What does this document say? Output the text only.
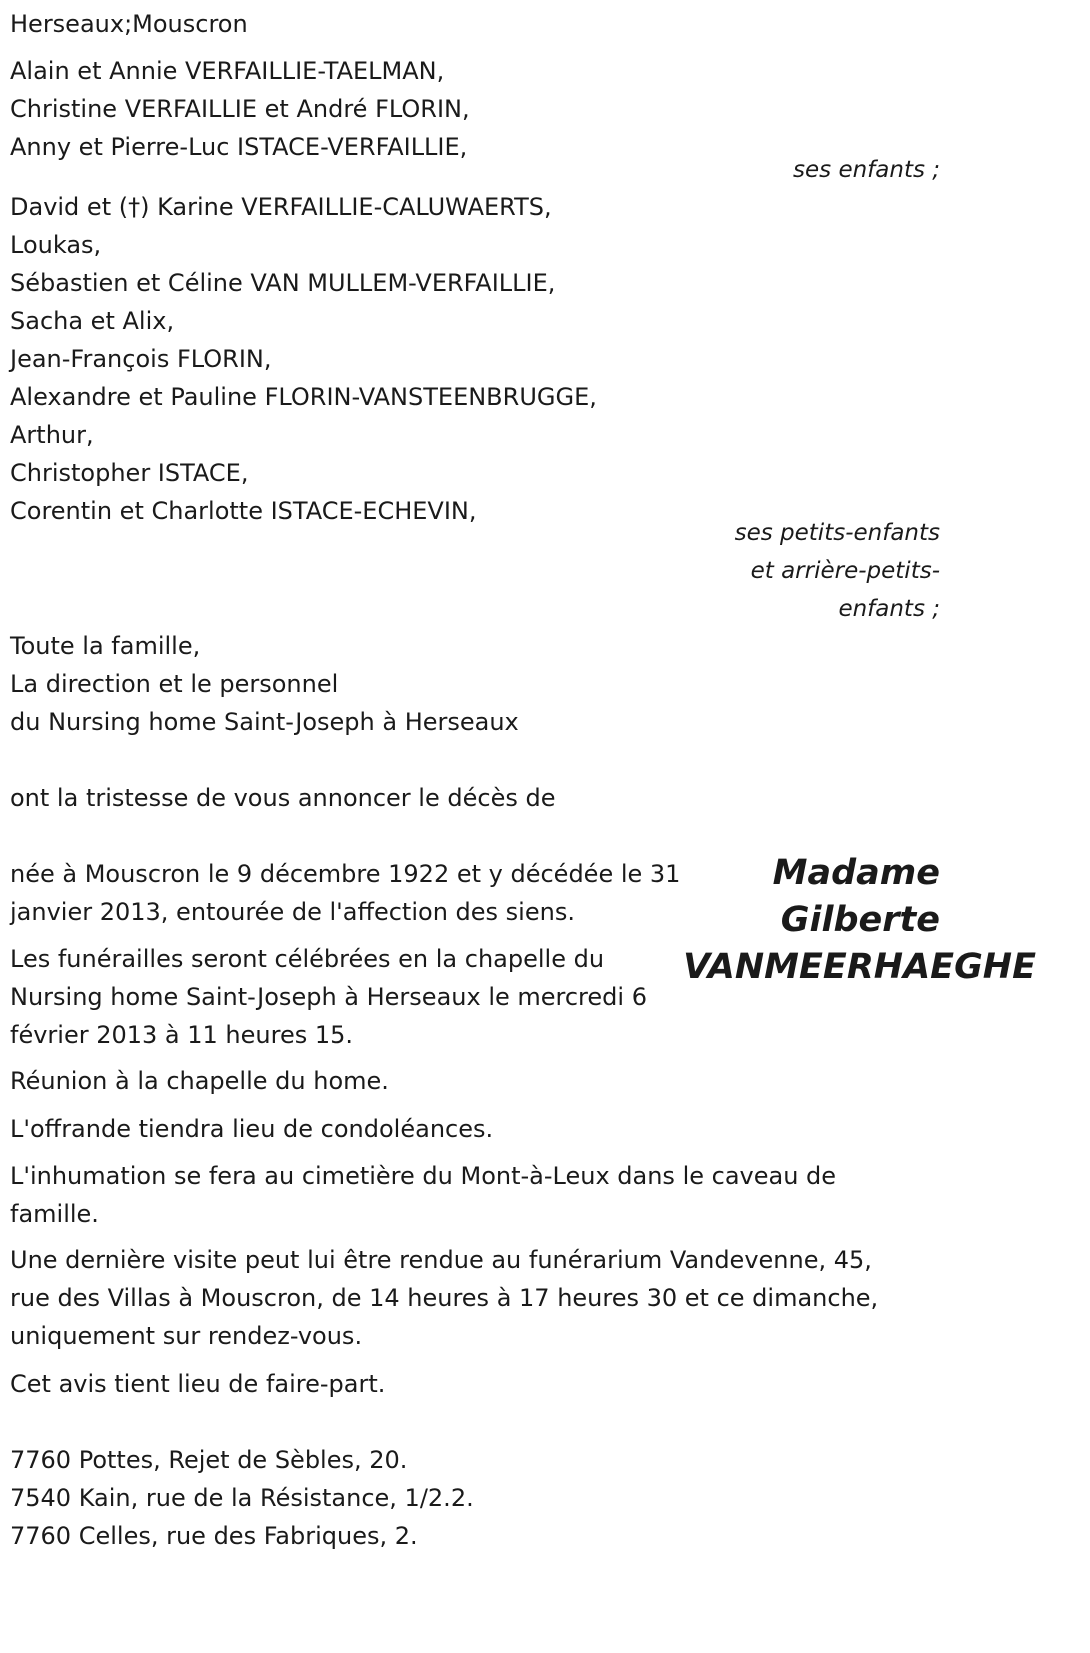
Herseaux;Mouscron
Alain et Annie VERFAILLIE-TAELMAN,
Christine VERFAILLIE et André FLORIN,
Anny et Pierre-Luc ISTACE-VERFAILLIE,
ses enfants ;
David et (†) Karine VERFAILLIE-CALUWAERTS,
Loukas,
Sébastien et Céline VAN MULLEM-VERFAILLIE,
Sacha et Alix,
Jean-François FLORIN,
Alexandre et Pauline FLORIN-VANSTEENBRUGGE,
Arthur,
Christopher ISTACE,
Corentin et Charlotte ISTACE-ECHEVIN,
ses petits-enfants
et arrière-petits-
enfants ;
Toute la famille,
La direction et le personnel
du Nursing home Saint-Joseph à Herseaux
ont la tristesse de vous annoncer le décès de
Madame
Gilberte
VANMEERHAEGHE
née à Mouscron le 9 décembre 1922 et y décédée le 31
janvier 2013, entourée de l'affection des siens.
Les funérailles seront célébrées en la chapelle du
Nursing home Saint-Joseph à Herseaux le mercredi 6
février 2013 à 11 heures 15.
Réunion à la chapelle du home.
L'offrande tiendra lieu de condoléances.
L'inhumation se fera au cimetière du Mont-à-Leux dans le caveau de
famille.
Une dernière visite peut lui être rendue au funérarium Vandevenne, 45,
rue des Villas à Mouscron, de 14 heures à 17 heures 30 et ce dimanche,
uniquement sur rendez-vous.
Cet avis tient lieu de faire-part.
7760 Pottes, Rejet de Sèbles, 20.
7540 Kain, rue de la Résistance, 1/2.2.
7760 Celles, rue des Fabriques, 2.
